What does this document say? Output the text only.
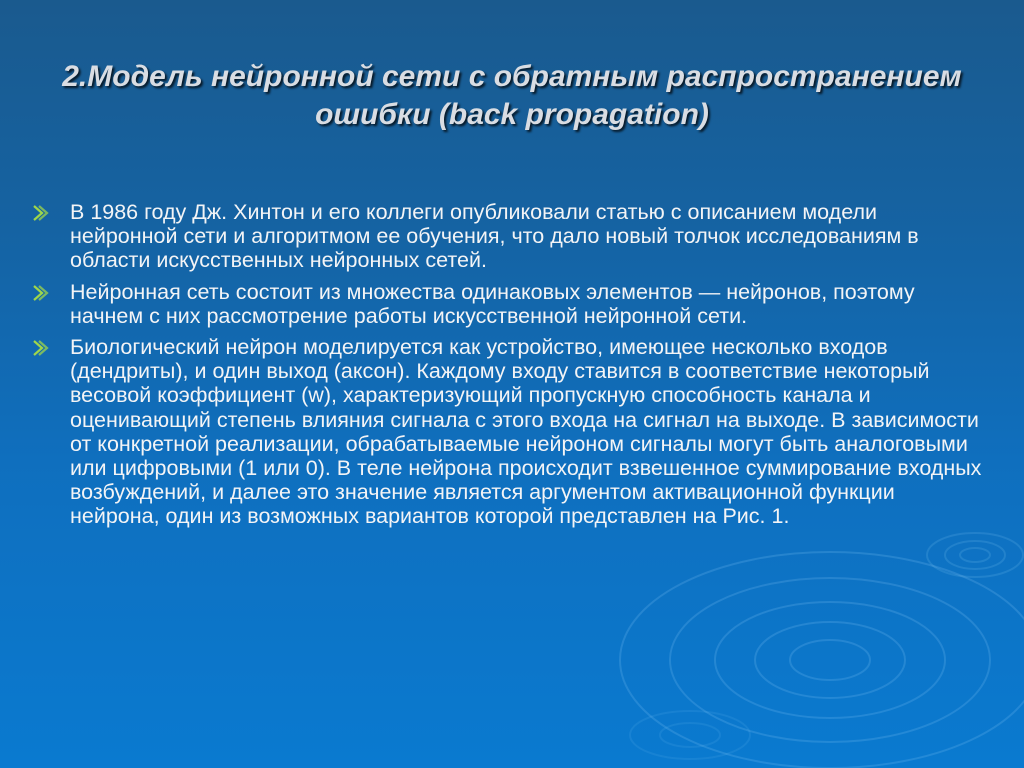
2.Модель нейронной сети с обратным распространением ошибки (back propagation)
В 1986 году Дж. Хинтон и его коллеги опубликовали статью с описанием модели нейронной сети и алгоритмом ее обучения, что дало новый толчок исследованиям в области искусственных нейронных сетей.
Нейронная сеть состоит из множества одинаковых элементов — нейронов, поэтому начнем с них рассмотрение работы искусственной нейронной сети.
Биологический нейрон моделируется как устройство, имеющее несколько входов (дендриты), и один выход (аксон). Каждому входу ставится в соответствие некоторый весовой коэффициент (w), характеризующий пропускную способность канала и оценивающий степень влияния сигнала с этого входа на сигнал на выходе. В зависимости от конкретной реализации, обрабатываемые нейроном сигналы могут быть аналоговыми или цифровыми (1 или 0). В теле нейрона происходит взвешенное суммирование входных возбуждений, и далее это значение является аргументом активационной функции нейрона, один из возможных вариантов которой представлен на Рис. 1.
